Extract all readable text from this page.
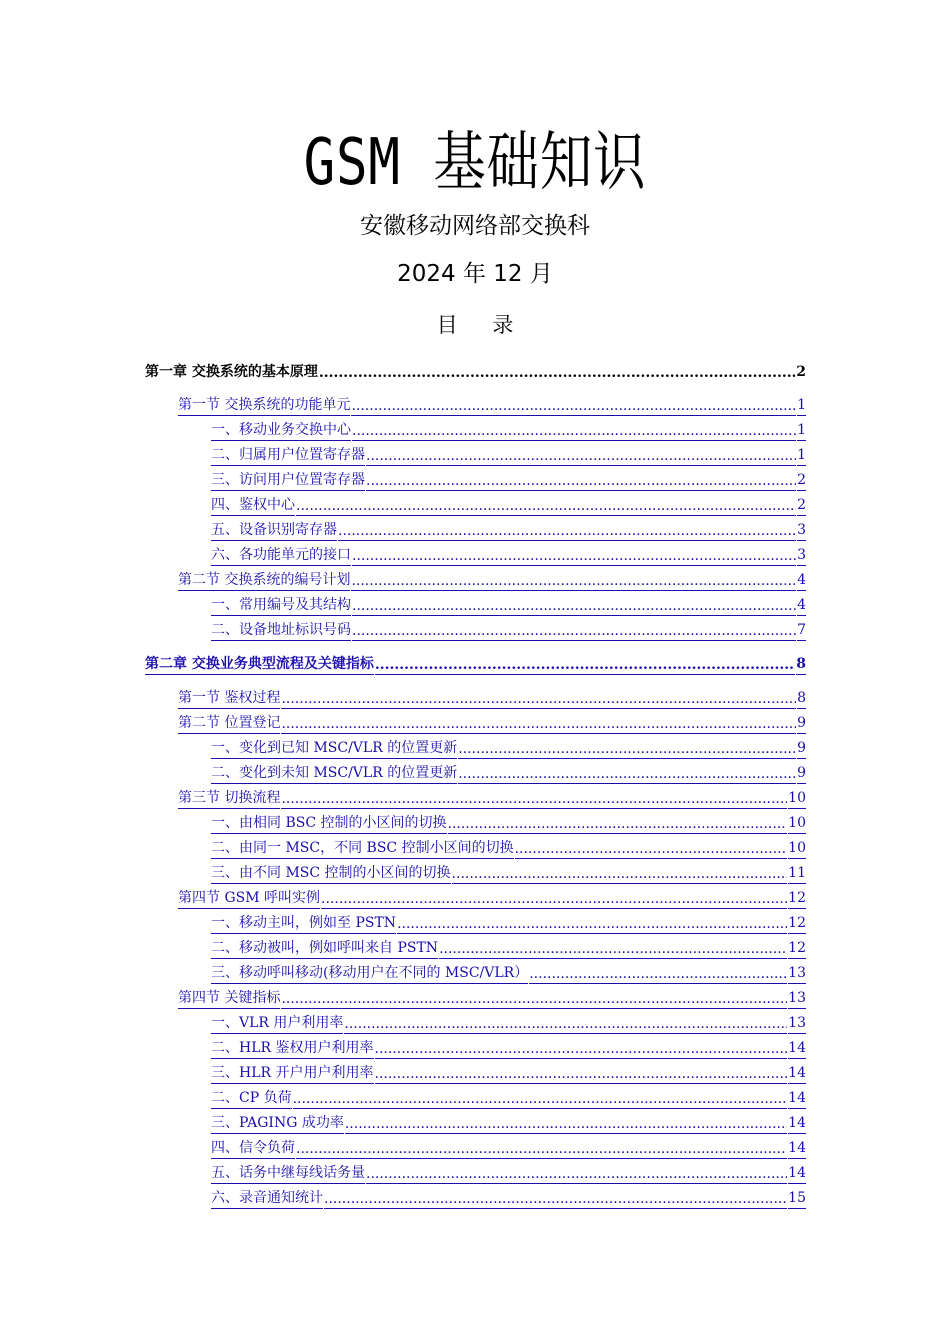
GSM 基础知识
安徽移动网络部交换科
2024 年 12 月
目 录
第一章 交换系统的基本原理 .....	2
第一节 交换系统的功能单元 .....	1
一、移动业务交换中心 .....	1
二、归属用户位置寄存器 .....	1
三、访问用户位置寄存器 .....	2
四、鉴权中心 .....	2
五、设备识别寄存器 .....	3
六、各功能单元的接口 .....	3
第二节 交换系统的编号计划 .....	4
一、常用编号及其结构 .....	4
二、设备地址标识号码 .....	7
第二章 交换业务典型流程及关键指标 .....	8
第一节 鉴权过程 .....	8
第二节 位置登记 .....	9
一、变化到已知 MSC/VLR 的位置更新 .....	9
二、变化到未知 MSC/VLR 的位置更新 .....	9
第三节 切换流程 .....	10
一、由相同 BSC 控制的小区间的切换 .....	10
二、由同一 MSC，不同 BSC 控制小区间的切换 .....	10
三、由不同 MSC 控制的小区间的切换 .....	11
第四节 GSM 呼叫实例 .....	12
一、移动主叫，例如至 PSTN .....	12
二、移动被叫，例如呼叫来自 PSTN .....	12
三、移动呼叫移动(移动用户在不同的 MSC/VLR） .....	13
第四节 关键指标 .....	13
一、VLR 用户利用率 .....	13
二、HLR 鉴权用户利用率 .....	14
三、HLR 开户用户利用率 .....	14
二、CP 负荷 .....	14
三、PAGING 成功率 .....	14
四、信令负荷 .....	14
五、话务中继每线话务量 .....	14
六、录音通知统计 .....	15
